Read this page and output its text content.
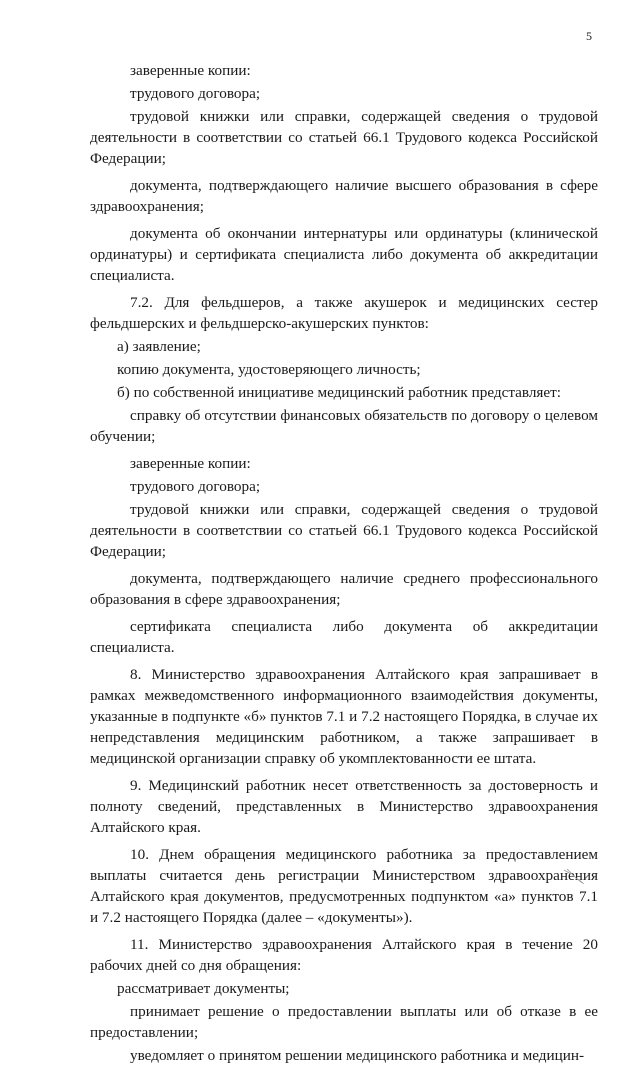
5

заверенные копии:

трудового договора;

трудовой книжки или справки, содержащей сведения о трудовой деятельности в соответствии со статьей 66.1 Трудового кодекса Российской Федерации;

документа, подтверждающего наличие высшего образования в сфере здравоохранения;

документа об окончании интернатуры или ординатуры (клинической ординатуры) и сертификата специалиста либо документа об аккредитации специалиста.

7.2. Для фельдшеров, а также акушерок и медицинских сестер фельдшерских и фельдшерско-акушерских пунктов:

а) заявление;

копию документа, удостоверяющего личность;

б) по собственной инициативе медицинский работник представляет:

справку об отсутствии финансовых обязательств по договору о целевом обучении;

заверенные копии:

трудового договора;

трудовой книжки или справки, содержащей сведения о трудовой деятельности в соответствии со статьей 66.1 Трудового кодекса Российской Федерации;

документа, подтверждающего наличие среднего профессионального образования в сфере здравоохранения;

сертификата специалиста либо документа об аккредитации специалиста.

8. Министерство здравоохранения Алтайского края запрашивает в рамках межведомственного информационного взаимодействия документы, указанные в подпункте «б» пунктов 7.1 и 7.2 настоящего Порядка, в случае их непредставления медицинским работником, а также запрашивает в медицинской организации справку об укомплектованности ее штата.

9. Медицинский работник несет ответственность за достоверность и полноту сведений, представленных в Министерство здравоохранения Алтайского края.

10. Днем обращения медицинского работника за предоставлением выплаты считается день регистрации Министерством здравоохранения Алтайского края документов, предусмотренных подпунктом «а» пунктов 7.1 и 7.2 настоящего Порядка (далее – «документы»).

11. Министерство здравоохранения Алтайского края в течение 20 рабочих дней со дня обращения:

рассматривает документы;

принимает решение о предоставлении выплаты или об отказе в ее предоставлении;

уведомляет о принятом решении медицинского работника и медицин-
